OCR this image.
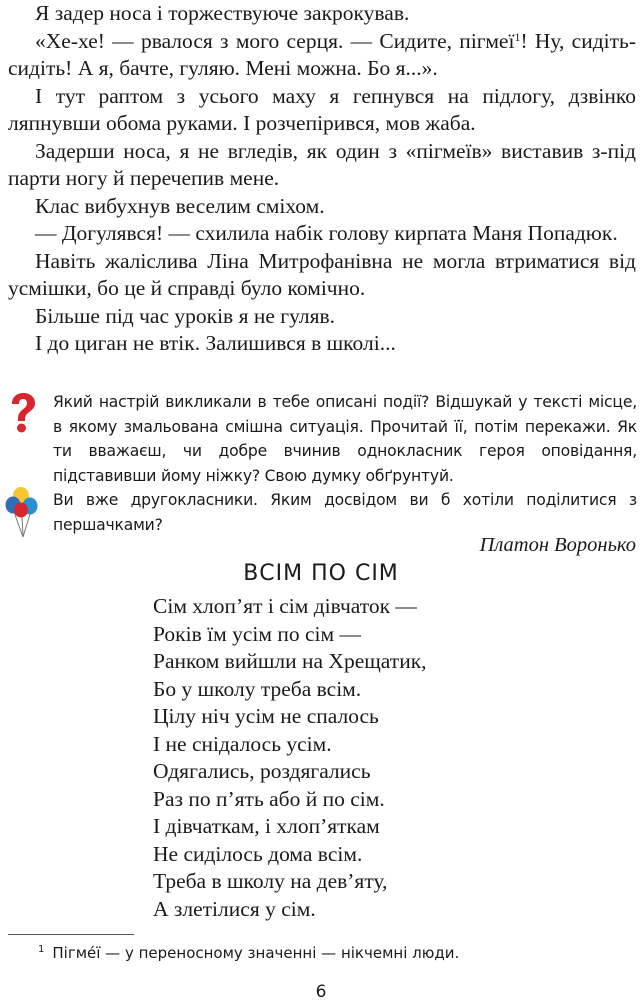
Я задер носа і торжествуюче закрокував.

«Хе-хе! — рвалося з мого серця. — Сидите, пігмеї$^1$! Ну, сидіть-сидіть! А я, бачте, гуляю. Мені можна. Бо я...».

І тут раптом з усього маху я гепнувся на підлогу, дзвінко ляпнувши обома руками. І розчепірився, мов жаба.

Задерши носа, я не вгледів, як один з «пігмеїв» виставив з-під парти ногу й перечепив мене.

Клас вибухнув веселим сміхом.

— Догулявся! — схилила набік голову кирпата Маня Попадюк.

Навіть жаліслива Ліна Митрофанівна не могла втриматися від усмішки, бо це й справді було комічно.

Більше під час уроків я не гуляв.

І до циган не втік. Залишився в школі...

Який настрій викликали в тебе описані події? Відшукай у тексті місце, в якому змальована смішна ситуація. Прочитай її, потім перекажи. Як ти вважаєш, чи добре вчинив однокласник героя оповідання, підставивши йому ніжку? Свою думку обґрунтуй.

Ви вже другокласники. Яким досвідом ви б хотіли поділитися з першачками?

Платон Воронько
ВСІМ ПО СІМ
Сім хлоп’ят і сім дівчаток —
Років їм усім по сім —
Ранком вийшли на Хрещатик,
Бо у школу треба всім.
Цілу ніч усім не спалось
І не снідалось усім.
Одягались, роздягались
Раз по п’ять або й по сім.
І дівчаткам, і хлоп’яткам
Не сиділось дома всім.
Треба в школу на дев’яту,
А злетілися у сім.
$^1$ Пігме́ї — у переносному значенні — нікчемні люди.
6
